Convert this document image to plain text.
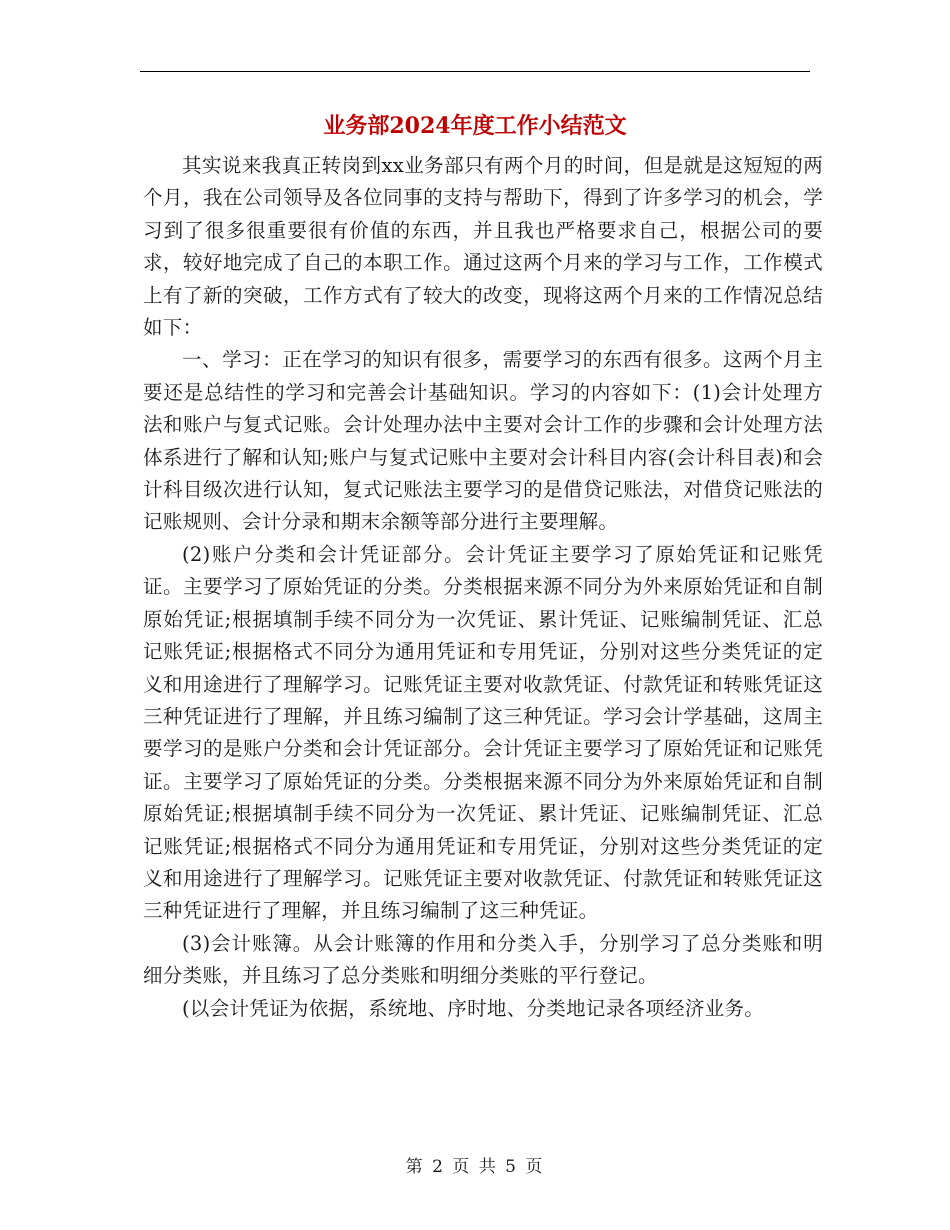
业务部2024年度工作小结范文

其实说来我真正转岗到xx业务部只有两个月的时间，但是就是这短短的两个月，我在公司领导及各位同事的支持与帮助下，得到了许多学习的机会，学习到了很多很重要很有价值的东西，并且我也严格要求自己，根据公司的要求，较好地完成了自己的本职工作。通过这两个月来的学习与工作，工作模式上有了新的突破，工作方式有了较大的改变，现将这两个月来的工作情况总结如下：

一、学习：正在学习的知识有很多，需要学习的东西有很多。这两个月主要还是总结性的学习和完善会计基础知识。学习的内容如下：(1)会计处理方法和账户与复式记账。会计处理办法中主要对会计工作的步骤和会计处理方法体系进行了解和认知;账户与复式记账中主要对会计科目内容(会计科目表)和会计科目级次进行认知，复式记账法主要学习的是借贷记账法，对借贷记账法的记账规则、会计分录和期末余额等部分进行主要理解。

(2)账户分类和会计凭证部分。会计凭证主要学习了原始凭证和记账凭证。主要学习了原始凭证的分类。分类根据来源不同分为外来原始凭证和自制原始凭证;根据填制手续不同分为一次凭证、累计凭证、记账编制凭证、汇总记账凭证;根据格式不同分为通用凭证和专用凭证，分别对这些分类凭证的定义和用途进行了理解学习。记账凭证主要对收款凭证、付款凭证和转账凭证这三种凭证进行了理解，并且练习编制了这三种凭证。学习会计学基础，这周主要学习的是账户分类和会计凭证部分。会计凭证主要学习了原始凭证和记账凭证。主要学习了原始凭证的分类。分类根据来源不同分为外来原始凭证和自制原始凭证;根据填制手续不同分为一次凭证、累计凭证、记账编制凭证、汇总记账凭证;根据格式不同分为通用凭证和专用凭证，分别对这些分类凭证的定义和用途进行了理解学习。记账凭证主要对收款凭证、付款凭证和转账凭证这三种凭证进行了理解，并且练习编制了这三种凭证。

(3)会计账簿。从会计账簿的作用和分类入手，分别学习了总分类账和明细分类账，并且练习了总分类账和明细分类账的平行登记。

(以会计凭证为依据，系统地、序时地、分类地记录各项经济业务。

第 2 页 共 5 页
